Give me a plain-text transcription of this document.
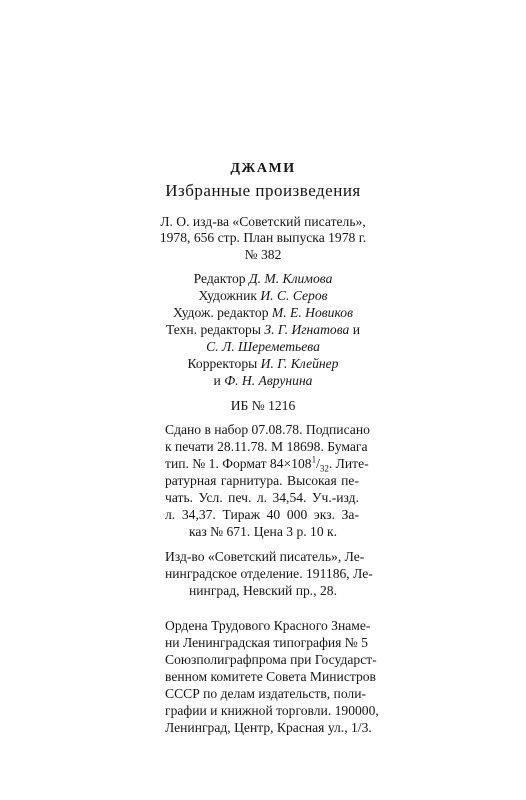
ДЖАМИ
Избранные произведения
Л. О. изд-ва «Советский писатель»,
1978, 656 стр. План выпуска 1978 г.
№ 382
Редактор Д. М. Климова
Художник И. С. Серов
Худож. редактор М. Е. Новиков
Техн. редакторы З. Г. Игнатова и
С. Л. Шереметьева
Корректоры И. Г. Клейнер
и Ф. Н. Аврунина
ИБ № 1216
Сдано в набор 07.08.78. Подписано
к печати 28.11.78. М 18698. Бумага
тип. № 1. Формат $84\times 108^1/_{32}$. Лите-
ратурная гарнитура. Высокая пе-
чать. Усл. печ. л. 34,54. Уч.-изд.
л. 34,37. Тираж 40 000 экз. За-
каз № 671. Цена 3 р. 10 к.
Изд-во «Советский писатель», Ле-
нинградское отделение. 191186, Ле-
нинград, Невский пр., 28.
Ордена Трудового Красного Знаме-
ни Ленинградская типография № 5
Союзполиграфпрома при Государст-
венном комитете Совета Министров
СССР по делам издательств, поли-
графии и книжной торговли. 190000,
Ленинград, Центр, Красная ул., 1/3.
